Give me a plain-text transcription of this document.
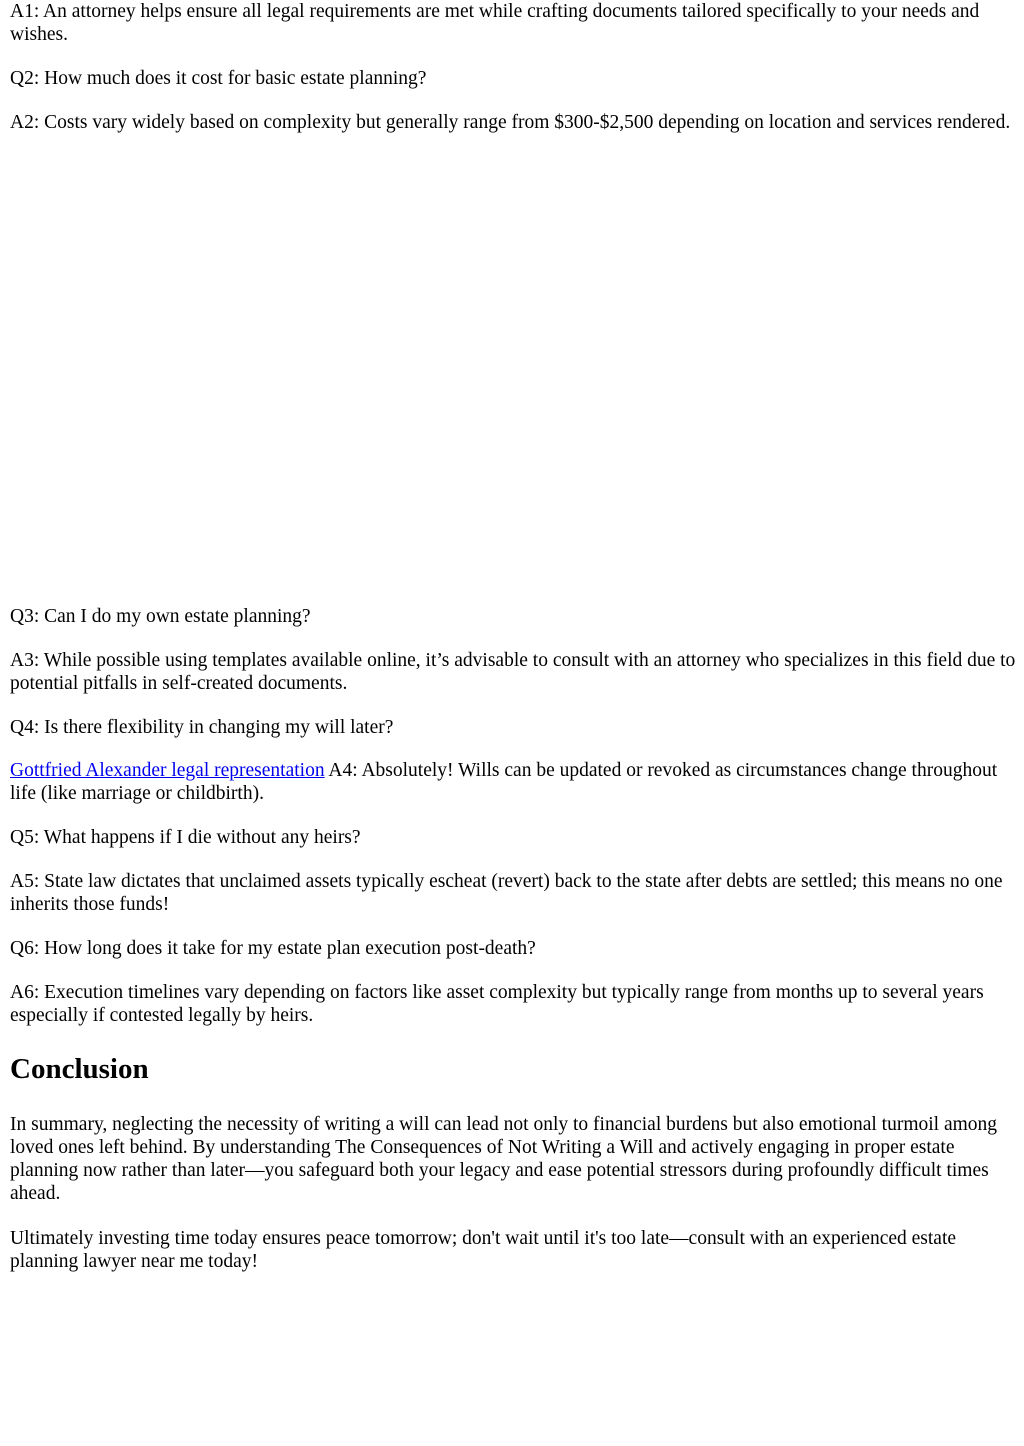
A1: An attorney helps ensure all legal requirements are met while crafting documents tailored specifically to your needs and wishes.

Q2: How much does it cost for basic estate planning?

A2: Costs vary widely based on complexity but generally range from $300-$2,500 depending on location and services rendered.

Q3: Can I do my own estate planning?

A3: While possible using templates available online, it’s advisable to consult with an attorney who specializes in this field due to potential pitfalls in self-created documents.

Q4: Is there flexibility in changing my will later?

Gottfried Alexander legal representation A4: Absolutely! Wills can be updated or revoked as circumstances change throughout life (like marriage or childbirth).

Q5: What happens if I die without any heirs?

A5: State law dictates that unclaimed assets typically escheat (revert) back to the state after debts are settled; this means no one inherits those funds!

Q6: How long does it take for my estate plan execution post-death?

A6: Execution timelines vary depending on factors like asset complexity but typically range from months up to several years especially if contested legally by heirs.

Conclusion

In summary, neglecting the necessity of writing a will can lead not only to financial burdens but also emotional turmoil among loved ones left behind. By understanding The Consequences of Not Writing a Will and actively engaging in proper estate planning now rather than later—you safeguard both your legacy and ease potential stressors during profoundly difficult times ahead.

Ultimately investing time today ensures peace tomorrow; don't wait until it's too late—consult with an experienced estate planning lawyer near me today!
